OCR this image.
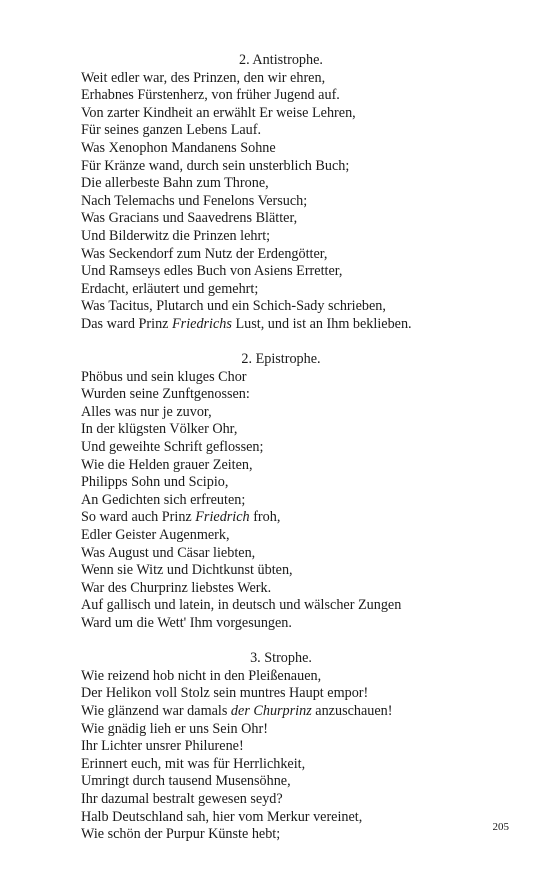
2. Antistrophe.
Weit edler war, des Prinzen, den wir ehren,
Erhabnes Fürstenherz, von früher Jugend auf.
Von zarter Kindheit an erwählt Er weise Lehren,
Für seines ganzen Lebens Lauf.
Was Xenophon Mandanens Sohne
Für Kränze wand, durch sein unsterblich Buch;
Die allerbeste Bahn zum Throne,
Nach Telemachs und Fenelons Versuch;
Was Gracians und Saavedrens Blätter,
Und Bilderwitz die Prinzen lehrt;
Was Seckendorf zum Nutz der Erdengötter,
Und Ramseys edles Buch von Asiens Erretter,
Erdacht, erläutert und gemehrt;
Was Tacitus, Plutarch und ein Schich-Sady schrieben,
Das ward Prinz Friedrichs Lust, und ist an Ihm beklieben.
2. Epistrophe.
Phöbus und sein kluges Chor
Wurden seine Zunftgenossen:
Alles was nur je zuvor,
In der klügsten Völker Ohr,
Und geweihte Schrift geflossen;
Wie die Helden grauer Zeiten,
Philipps Sohn und Scipio,
An Gedichten sich erfreuten;
So ward auch Prinz Friedrich froh,
Edler Geister Augenmerk,
Was August und Cäsar liebten,
Wenn sie Witz und Dichtkunst übten,
War des Churprinz liebstes Werk.
Auf gallisch und latein, in deutsch und wälscher Zungen
Ward um die Wett' Ihm vorgesungen.
3. Strophe.
Wie reizend hob nicht in den Pleißenauen,
Der Helikon voll Stolz sein muntres Haupt empor!
Wie glänzend war damals der Churprinz anzuschauen!
Wie gnädig lieh er uns Sein Ohr!
Ihr Lichter unsrer Philurene!
Erinnert euch, mit was für Herrlichkeit,
Umringt durch tausend Musensöhne,
Ihr dazumal bestralt gewesen seyd?
Halb Deutschland sah, hier vom Merkur vereinet,
Wie schön der Purpur Künste hebt;	205
